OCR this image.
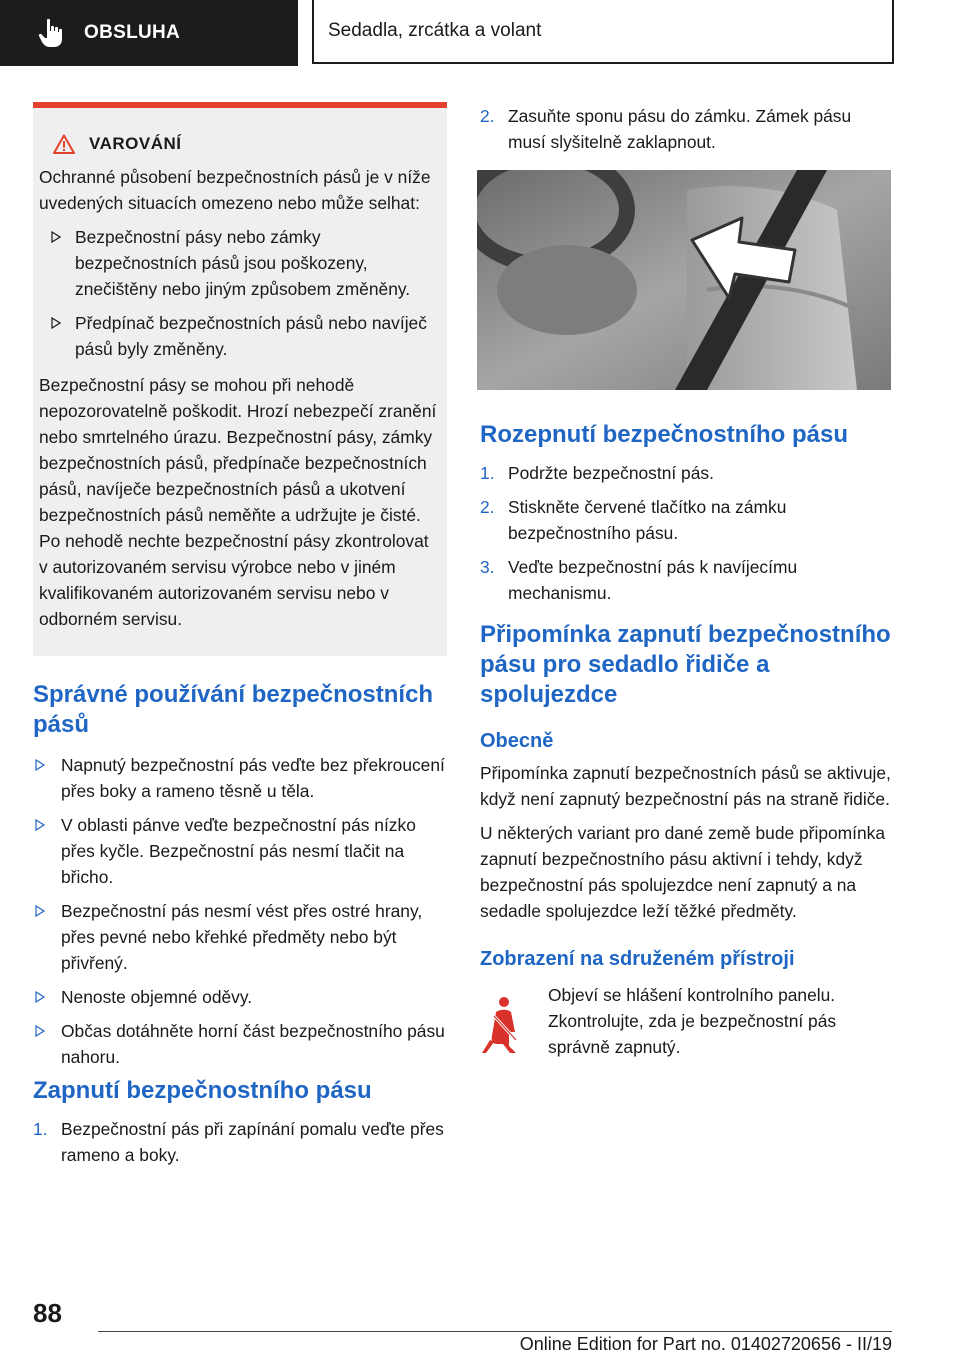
OBSLUHA	Sedadla, zrcátka a volant
VAROVÁNÍ

Ochranné působení bezpečnostních pásů je v níže uvedených situacích omezeno nebo může selhat:

Bezpečnostní pásy nebo zámky bezpečnostních pásů jsou poškozeny, znečištěny nebo jiným způsobem změněny.
Předpínač bezpečnostních pásů nebo navíječ pásů byly změněny.

Bezpečnostní pásy se mohou při nehodě nepozorovatelně poškodit. Hrozí nebezpečí zranění nebo smrtelného úrazu. Bezpečnostní pásy, zámky bezpečnostních pásů, předpínače bezpečnostních pásů, navíječe bezpečnostních pásů a ukotvení bezpečnostních pásů neměňte a udržujte je čisté. Po nehodě nechte bezpečnostní pásy zkontrolovat v autorizovaném servisu výrobce nebo v jiném kvalifikovaném autorizovaném servisu nebo v odborném servisu.

Správné používání bezpečnostních pásů
Napnutý bezpečnostní pás veďte bez překroucení přes boky a rameno těsně u těla.
V oblasti pánve veďte bezpečnostní pás nízko přes kyčle. Bezpečnostní pás nesmí tlačit na břicho.
Bezpečnostní pás nesmí vést přes ostré hrany, přes pevné nebo křehké předměty nebo být přivřený.
Nenoste objemné oděvy.
Občas dotáhněte horní část bezpečnostního pásu nahoru.
Zapnutí bezpečnostního pásu
1. Bezpečnostní pás při zapínání pomalu veďte přes rameno a boky.
2. Zasuňte sponu pásu do zámku. Zámek pásu musí slyšitelně zaklapnout.
Rozepnutí bezpečnostního pásu
1. Podržte bezpečnostní pás.
2. Stiskněte červené tlačítko na zámku bezpečnostního pásu.
3. Veďte bezpečnostní pás k navíjecímu mechanismu.
Připomínka zapnutí bezpečnostního pásu pro sedadlo řidiče a spolujezdce
Obecně

Připomínka zapnutí bezpečnostních pásů se aktivuje, když není zapnutý bezpečnostní pás na straně řidiče.

U některých variant pro dané země bude připomínka zapnutí bezpečnostního pásu aktivní i tehdy, když bezpečnostní pás spolujezdce není zapnutý a na sedadle spolujezdce leží těžké předměty.

Zobrazení na sdruženém přístroji

Objeví se hlášení kontrolního panelu. Zkontrolujte, zda je bezpečnostní pás správně zapnutý.

88
Online Edition for Part no. 01402720656 - II/19
